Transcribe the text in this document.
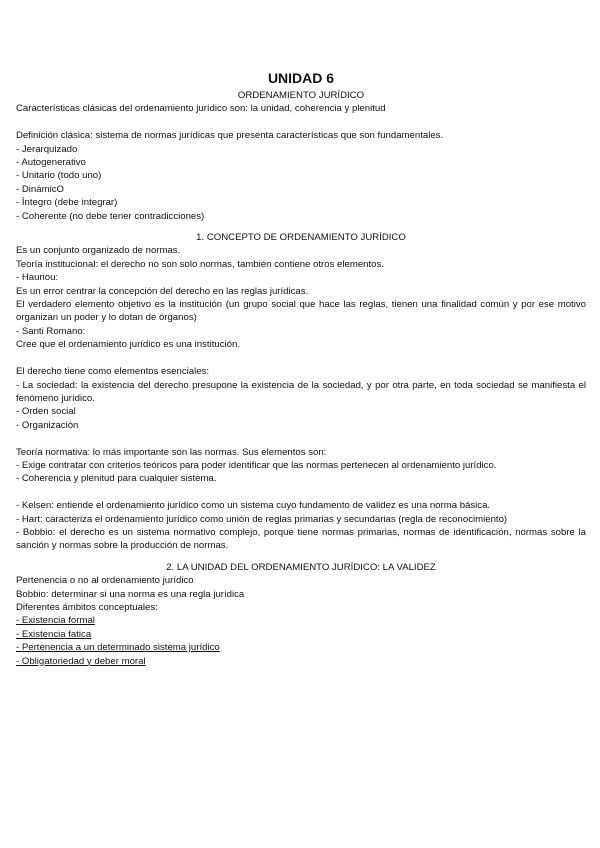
UNIDAD 6

ORDENAMIENTO JURÍDICO

Características clásicas del ordenamiento jurídico son: la unidad, coherencia y plenitud

Definición clásica: sistema de normas jurídicas que presenta características que son fundamentales.

- Jerarquizado
- Autogenerativo
- Unitario (todo uno)
- DinámicO
- Íntegro (debe integrar)
- Coherente (no debe tener contradicciones)

1. CONCEPTO DE ORDENAMIENTO JURÍDICO

Es un conjunto organizado de normas.

Teoría institucional: el derecho no son solo normas, también contiene otros elementos.

- Hauriou:

Es un error centrar la concepción del derecho en las reglas jurídicas.

El verdadero elemento objetivo es la institución (un grupo social que hace las reglas, tienen una finalidad común y por ese motivo organizan un poder y lo dotan de órganos)

- Santi Romano:

Cree que el ordenamiento jurídico es una institución.

El derecho tiene como elementos esenciales:

- La sociedad: la existencia del derecho presupone la existencia de la sociedad, y por otra parte, en toda sociedad se manifiesta el fenómeno jurídico.

- Orden social
- Organización

Teoría normativa: lo más importante son las normas. Sus elementos son:

- Exige contratar con criterios teóricos para poder identificar que las normas pertenecen al ordenamiento jurídico.
- Coherencia y plenitud para cualquier sistema.
- Kelsen: entiende el ordenamiento jurídico como un sistema cuyo fundamento de validez es una norma básica.
- Hart: caracteriza el ordenamiento jurídico como unión de reglas primarias y secundarias (regla de reconocimiento)

- Bobbio: el derecho es un sistema normativo complejo, porque tiene normas primarias, normas de identificación, normas sobre la sanción y normas sobre la producción de normas.

2. LA UNIDAD DEL ORDENAMIENTO JURÍDICO: LA VALIDEZ

Pertenencia o no al ordenamiento jurídico

Bobbio: determinar si una norma es una regla jurídica

Diferentes ámbitos conceptuales:

- Existencia formal
- Existencia fatica
- Pertenencia a un determinado sistema jurídico
- Obligatoriedad y deber moral
